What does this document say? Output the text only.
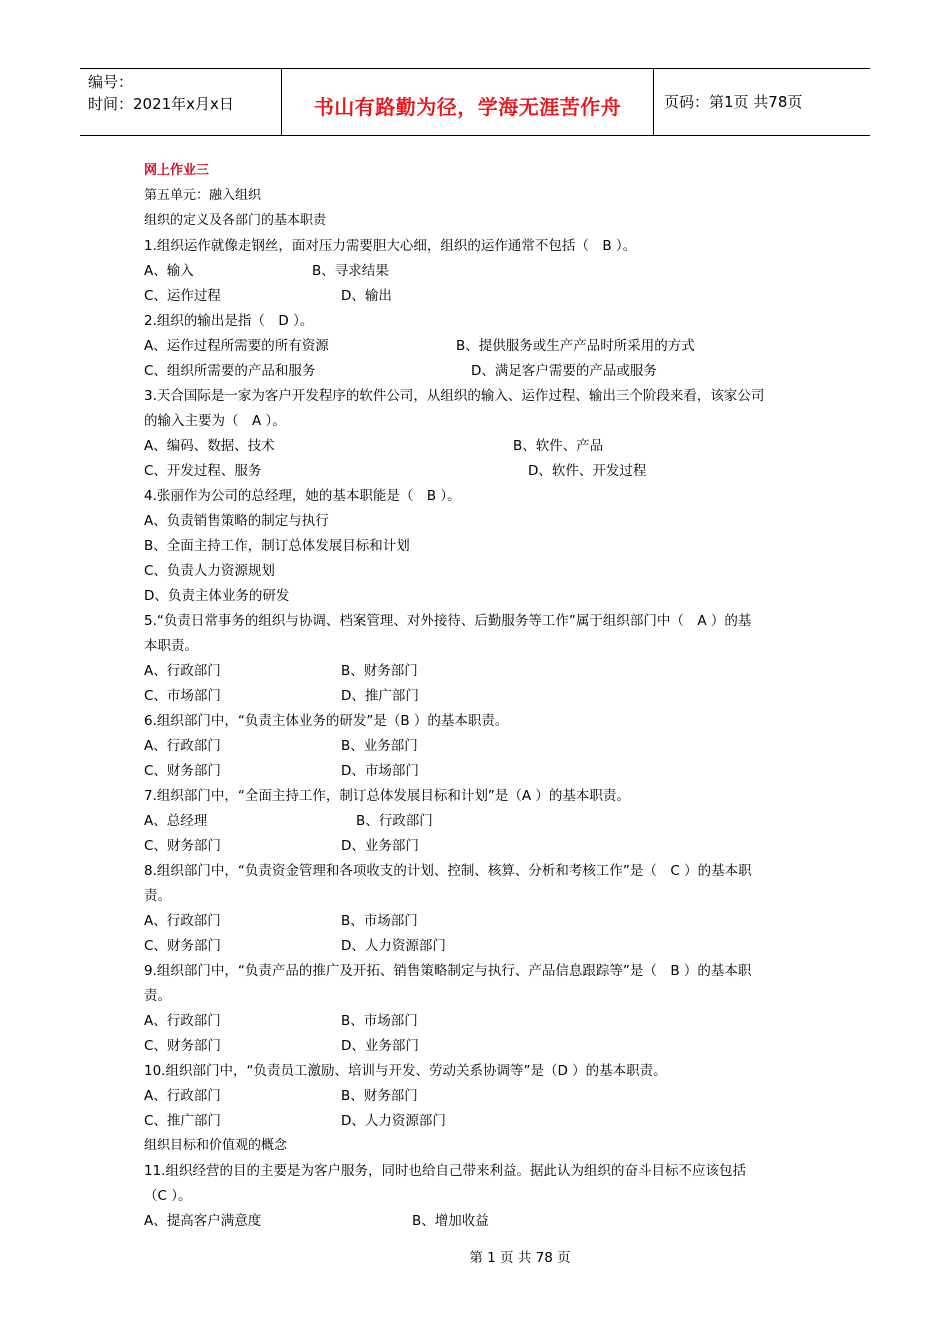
编号：
时间：2021年x月x日	书山有路勤为径，学海无涯苦作舟	页码：第1页 共78页
网上作业三
第五单元：融入组织
组织的定义及各部门的基本职责
1.组织运作就像走钢丝，面对压力需要胆大心细，组织的运作通常不包括（　B ）。
A、输入	B、寻求结果
C、运作过程	D、输出
2.组织的输出是指（　D ）。
A、运作过程所需要的所有资源	B、提供服务或生产产品时所采用的方式
C、组织所需要的产品和服务	D、满足客户需要的产品或服务
3.天合国际是一家为客户开发程序的软件公司，从组织的输入、运作过程、输出三个阶段来看，该家公司
的输入主要为（　A ）。
A、编码、数据、技术	B、软件、产品
C、开发过程、服务	D、软件、开发过程
4.张丽作为公司的总经理，她的基本职能是（　B ）。
A、负责销售策略的制定与执行
B、全面主持工作，制订总体发展目标和计划
C、负责人力资源规划
D、负责主体业务的研发
5.“负责日常事务的组织与协调、档案管理、对外接待、后勤服务等工作”属于组织部门中（　A ）的基
本职责。
A、行政部门	B、财务部门
C、市场部门	D、推广部门
6.组织部门中，“负责主体业务的研发”是（B ）的基本职责。
A、行政部门	B、业务部门
C、财务部门	D、市场部门
7.组织部门中，“全面主持工作，制订总体发展目标和计划”是（A ）的基本职责。
A、总经理	B、行政部门
C、财务部门	D、业务部门
8.组织部门中，“负责资金管理和各项收支的计划、控制、核算、分析和考核工作”是（　C ）的基本职
责。
A、行政部门	B、市场部门
C、财务部门	D、人力资源部门
9.组织部门中，“负责产品的推广及开拓、销售策略制定与执行、产品信息跟踪等”是（　B ）的基本职
责。
A、行政部门	B、市场部门
C、财务部门	D、业务部门
10.组织部门中，“负责员工激励、培训与开发、劳动关系协调等”是（D ）的基本职责。
A、行政部门	B、财务部门
C、推广部门	D、人力资源部门
组织目标和价值观的概念
11.组织经营的目的主要是为客户服务，同时也给自己带来利益。据此认为组织的奋斗目标不应该包括
（C ）。
A、提高客户满意度	B、增加收益
第 1 页 共 78 页
